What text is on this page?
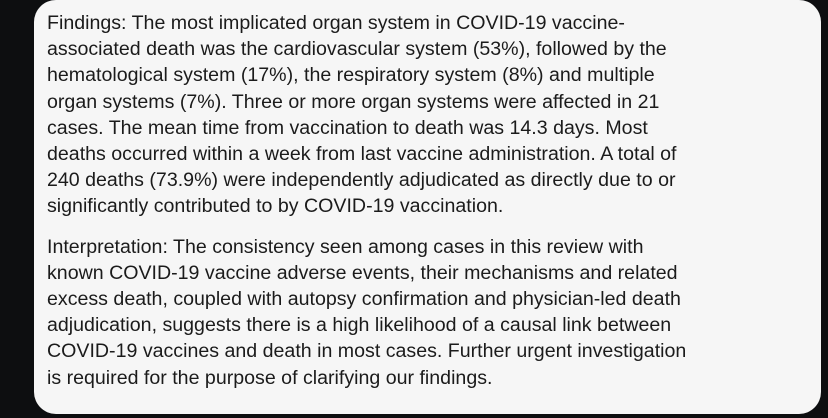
Findings: The most implicated organ system in COVID-19 vaccine-
associated death was the cardiovascular system (53%), followed by the
hematological system (17%), the respiratory system (8%) and multiple
organ systems (7%). Three or more organ systems were affected in 21
cases. The mean time from vaccination to death was 14.3 days. Most
deaths occurred within a week from last vaccine administration. A total of
240 deaths (73.9%) were independently adjudicated as directly due to or
significantly contributed to by COVID-19 vaccination.

Interpretation: The consistency seen among cases in this review with
known COVID-19 vaccine adverse events, their mechanisms and related
excess death, coupled with autopsy confirmation and physician-led death
adjudication, suggests there is a high likelihood of a causal link between
COVID-19 vaccines and death in most cases. Further urgent investigation
is required for the purpose of clarifying our findings.
